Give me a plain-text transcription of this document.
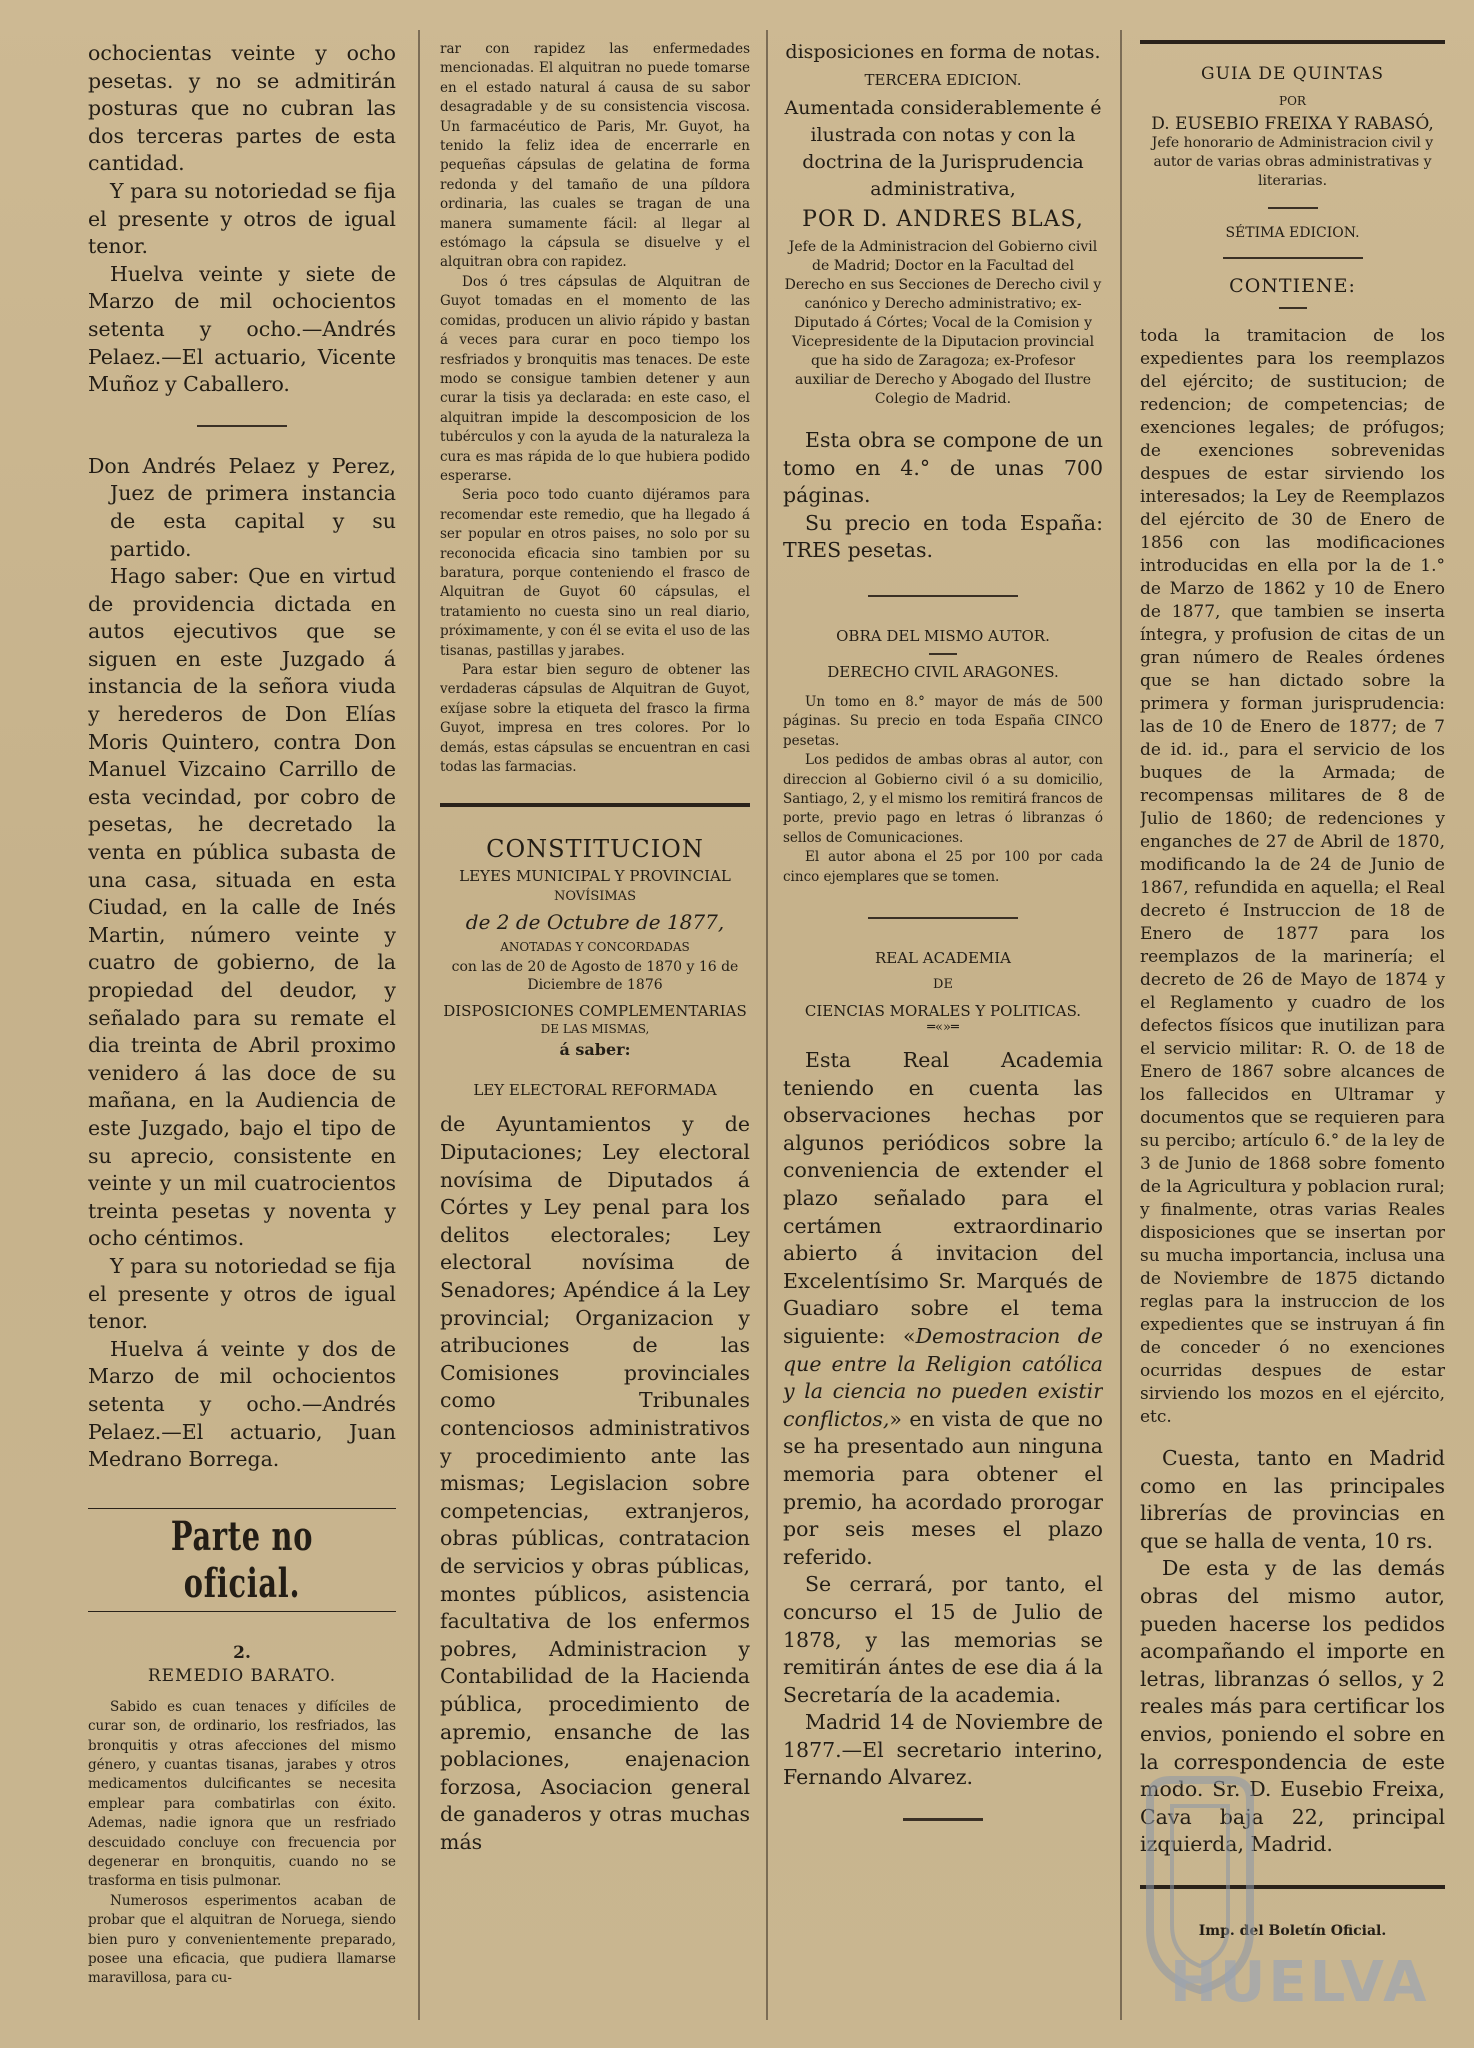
ochocientas veinte y ocho pesetas. y no se admitirán posturas que no cubran las dos terceras partes de esta cantidad.

Y para su notoriedad se fija el presente y otros de igual tenor.

Huelva veinte y siete de Marzo de mil ochocientos setenta y ocho.—Andrés Pelaez.—El actuario, Vicente Muñoz y Caballero.

Don Andrés Pelaez y Perez, Juez de primera instancia de esta capital y su partido.

Hago saber: Que en virtud de providencia dictada en autos ejecutivos que se siguen en este Juzgado á instancia de la señora viuda y herederos de Don Elías Moris Quintero, contra Don Manuel Vizcaino Carrillo de esta vecindad, por cobro de pesetas, he decretado la venta en pública subasta de una casa, situada en esta Ciudad, en la calle de Inés Martin, número veinte y cuatro de gobierno, de la propiedad del deudor, y señalado para su remate el dia treinta de Abril proximo venidero á las doce de su mañana, en la Audiencia de este Juzgado, bajo el tipo de su aprecio, consistente en veinte y un mil cuatrocientos treinta pesetas y noventa y ocho céntimos.

Y para su notoriedad se fija el presente y otros de igual tenor.

Huelva á veinte y dos de Marzo de mil ochocientos setenta y ocho.—Andrés Pelaez.—El actuario, Juan Medrano Borrega.

Parte no oficial.

2.

REMEDIO BARATO.

Sabido es cuan tenaces y difíciles de curar son, de ordinario, los resfriados, las bronquitis y otras afecciones del mismo género, y cuantas tisanas, jarabes y otros medicamentos dulcificantes se necesita emplear para combatirlas con éxito. Ademas, nadie ignora que un resfriado descuidado concluye con frecuencia por degenerar en bronquitis, cuando no se trasforma en tisis pulmonar.

Numerosos esperimentos acaban de probar que el alquitran de Noruega, siendo bien puro y convenientemente preparado, posee una eficacia, que pudiera llamarse maravillosa, para cu-

rar con rapidez las enfermedades mencionadas. El alquitran no puede tomarse en el estado natural á causa de su sabor desagradable y de su consistencia viscosa. Un farmacéutico de Paris, Mr. Guyot, ha tenido la feliz idea de encerrarle en pequeñas cápsulas de gelatina de forma redonda y del tamaño de una píldora ordinaria, las cuales se tragan de una manera sumamente fácil: al llegar al estómago la cápsula se disuelve y el alquitran obra con rapidez.

Dos ó tres cápsulas de Alquitran de Guyot tomadas en el momento de las comidas, producen un alivio rápido y bastan á veces para curar en poco tiempo los resfriados y bronquitis mas tenaces. De este modo se consigue tambien detener y aun curar la tisis ya declarada: en este caso, el alquitran impide la descomposicion de los tubérculos y con la ayuda de la naturaleza la cura es mas rápida de lo que hubiera podido esperarse.

Seria poco todo cuanto dijéramos para recomendar este remedio, que ha llegado á ser popular en otros paises, no solo por su reconocida eficacia sino tambien por su baratura, porque conteniendo el frasco de Alquitran de Guyot 60 cápsulas, el tratamiento no cuesta sino un real diario, próximamente, y con él se evita el uso de las tisanas, pastillas y jarabes.

Para estar bien seguro de obtener las verdaderas cápsulas de Alquitran de Guyot, exíjase sobre la etiqueta del frasco la firma Guyot, impresa en tres colores. Por lo demás, estas cápsulas se encuentran en casi todas las farmacias.

CONSTITUCION

LEYES MUNICIPAL Y PROVINCIAL

NOVÍSIMAS

de 2 de Octubre de 1877,

ANOTADAS Y CONCORDADAS

con las de 20 de Agosto de 1870 y 16 de Diciembre de 1876

DISPOSICIONES COMPLEMENTARIAS

DE LAS MISMAS,

á saber:

LEY ELECTORAL REFORMADA

de Ayuntamientos y de Diputaciones; Ley electoral novísima de Diputados á Córtes y Ley penal para los delitos electorales; Ley electoral novísima de Senadores; Apéndice á la Ley provincial; Organizacion y atribuciones de las Comisiones provinciales como Tribunales contenciosos administrativos y procedimiento ante las mismas; Legislacion sobre competencias, extranjeros, obras públicas, contratacion de servicios y obras públicas, montes públicos, asistencia facultativa de los enfermos pobres, Administracion y Contabilidad de la Hacienda pública, procedimiento de apremio, ensanche de las poblaciones, enajenacion forzosa, Asociacion general de ganaderos y otras muchas más

disposiciones en forma de notas.

TERCERA EDICION.

Aumentada considerablemente é ilustrada con notas y con la doctrina de la Jurisprudencia administrativa,

POR D. ANDRES BLAS,

Jefe de la Administracion del Gobierno civil de Madrid; Doctor en la Facultad del Derecho en sus Secciones de Derecho civil y canónico y Derecho administrativo; ex-Diputado á Córtes; Vocal de la Comision y Vicepresidente de la Diputacion provincial que ha sido de Zaragoza; ex-Profesor auxiliar de Derecho y Abogado del Ilustre Colegio de Madrid.

Esta obra se compone de un tomo en 4.° de unas 700 páginas.

Su precio en toda España: TRES pesetas.

OBRA DEL MISMO AUTOR.

DERECHO CIVIL ARAGONES.

Un tomo en 8.° mayor de más de 500 páginas. Su precio en toda España CINCO pesetas.

Los pedidos de ambas obras al autor, con direccion al Gobierno civil ó a su domicilio, Santiago, 2, y el mismo los remitirá francos de porte, previo pago en letras ó libranzas ó sellos de Comunicaciones.

El autor abona el 25 por 100 por cada cinco ejemplares que se tomen.

REAL ACADEMIA

DE

CIENCIAS MORALES Y POLITICAS.

═«»═

Esta Real Academia teniendo en cuenta las observaciones hechas por algunos periódicos sobre la conveniencia de extender el plazo señalado para el certámen extraordinario abierto á invitacion del Excelentísimo Sr. Marqués de Guadiaro sobre el tema siguiente: «Demostracion de que entre la Religion católica y la ciencia no pueden existir conflictos,» en vista de que no se ha presentado aun ninguna memoria para obtener el premio, ha acordado prorogar por seis meses el plazo referido.

Se cerrará, por tanto, el concurso el 15 de Julio de 1878, y las memorias se remitirán ántes de ese dia á la Secretaría de la academia.

Madrid 14 de Noviembre de 1877.—El secretario interino, Fernando Alvarez.

GUIA DE QUINTAS

POR

D. EUSEBIO FREIXA Y RABASÓ,

Jefe honorario de Administracion civil y autor de varias obras administrativas y literarias.

SÉTIMA EDICION.

CONTIENE:

toda la tramitacion de los expedientes para los reemplazos del ejército; de sustitucion; de redencion; de competencias; de exenciones legales; de prófugos; de exenciones sobrevenidas despues de estar sirviendo los interesados; la Ley de Reemplazos del ejército de 30 de Enero de 1856 con las modificaciones introducidas en ella por la de 1.° de Marzo de 1862 y 10 de Enero de 1877, que tambien se inserta íntegra, y profusion de citas de un gran número de Reales órdenes que se han dictado sobre la primera y forman jurisprudencia: las de 10 de Enero de 1877; de 7 de id. id., para el servicio de los buques de la Armada; de recompensas militares de 8 de Julio de 1860; de redenciones y enganches de 27 de Abril de 1870, modificando la de 24 de Junio de 1867, refundida en aquella; el Real decreto é Instruccion de 18 de Enero de 1877 para los reemplazos de la marinería; el decreto de 26 de Mayo de 1874 y el Reglamento y cuadro de los defectos físicos que inutilizan para el servicio militar: R. O. de 18 de Enero de 1867 sobre alcances de los fallecidos en Ultramar y documentos que se requieren para su percibo; artículo 6.° de la ley de 3 de Junio de 1868 sobre fomento de la Agricultura y poblacion rural; y finalmente, otras varias Reales disposiciones que se insertan por su mucha importancia, inclusa una de Noviembre de 1875 dictando reglas para la instruccion de los expedientes que se instruyan á fin de conceder ó no exenciones ocurridas despues de estar sirviendo los mozos en el ejército, etc.

Cuesta, tanto en Madrid como en las principales librerías de provincias en que se halla de venta, 10 rs.

De esta y de las demás obras del mismo autor, pueden hacerse los pedidos acompañando el importe en letras, libranzas ó sellos, y 2 reales más para certificar los envios, poniendo el sobre en la correspondencia de este modo. Sr. D. Eusebio Freixa, Cava baja 22, principal izquierda, Madrid.

Imp. del Boletín Oficial.

HUELVA
